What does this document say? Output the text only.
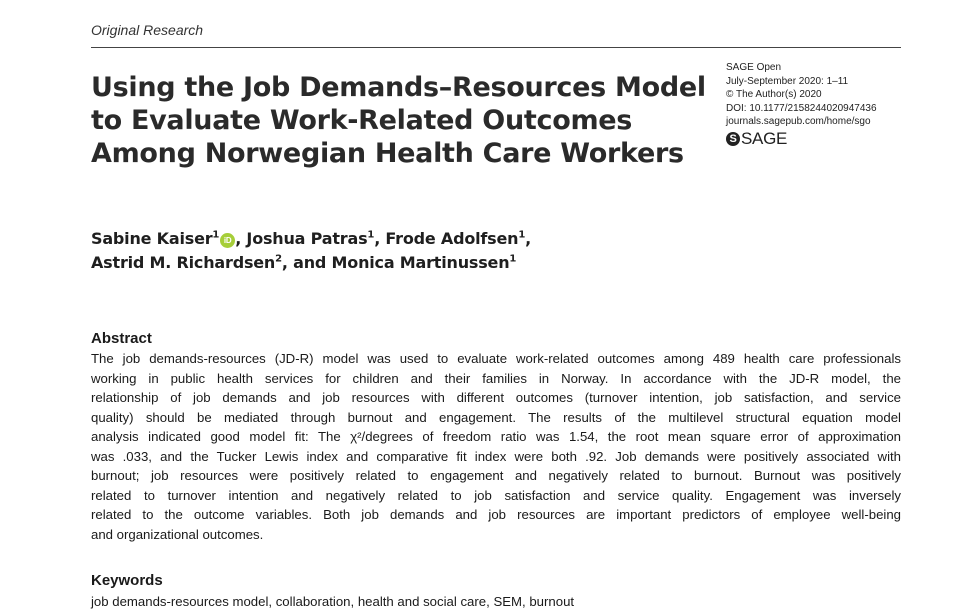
Original Research
Using the Job Demands–Resources Model
to Evaluate Work-Related Outcomes
Among Norwegian Health Care Workers
SAGE Open
July-September 2020: 1–11
© The Author(s) 2020
DOI: 10.1177/2158244020947436
journals.sagepub.com/home/sgo
S SAGE
Sabine Kaiser$^1$ iD , Joshua Patras$^1$, Frode Adolfsen$^1$,
Astrid M. Richardsen$^2$, and Monica Martinussen$^1$
Abstract
The job demands-resources (JD-R) model was used to evaluate work-related outcomes among 489 health care professionals
working in public health services for children and their families in Norway. In accordance with the JD-R model, the
relationship of job demands and job resources with different outcomes (turnover intention, job satisfaction, and service
quality) should be mediated through burnout and engagement. The results of the multilevel structural equation model
analysis indicated good model fit: The χ²/degrees of freedom ratio was 1.54, the root mean square error of approximation
was .033, and the Tucker Lewis index and comparative fit index were both .92. Job demands were positively associated with
burnout; job resources were positively related to engagement and negatively related to burnout. Burnout was positively
related to turnover intention and negatively related to job satisfaction and service quality. Engagement was inversely
related to the outcome variables. Both job demands and job resources are important predictors of employee well-being
and organizational outcomes.
Keywords
job demands-resources model, collaboration, health and social care, SEM, burnout
